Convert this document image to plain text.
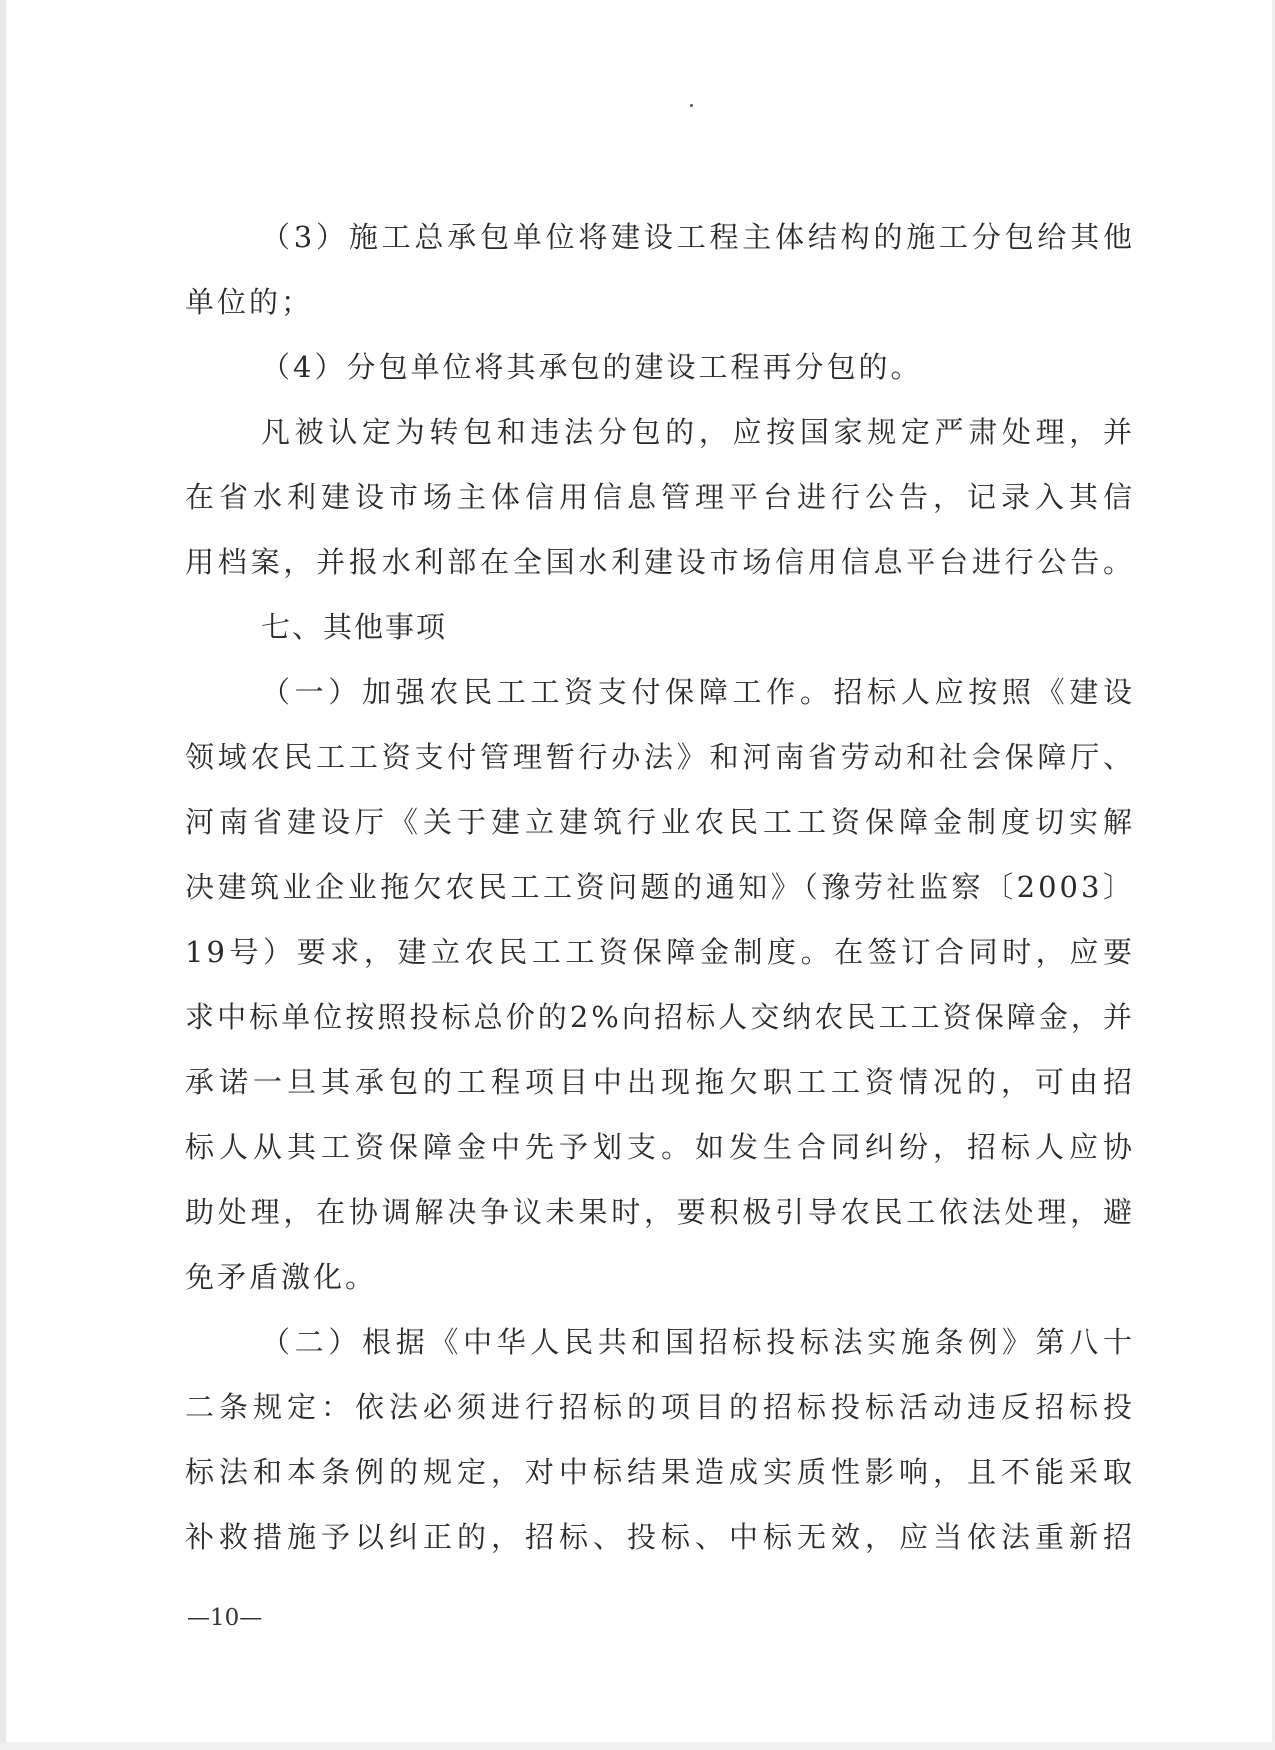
（3）施工总承包单位将建设工程主体结构的施工分包给其他
单位的；
（4）分包单位将其承包的建设工程再分包的。
凡被认定为转包和违法分包的，应按国家规定严肃处理，并
在省水利建设市场主体信用信息管理平台进行公告，记录入其信
用档案，并报水利部在全国水利建设市场信用信息平台进行公告。
七、其他事项
（一）加强农民工工资支付保障工作。招标人应按照《建设
领域农民工工资支付管理暂行办法》和河南省劳动和社会保障厅、
河南省建设厅《关于建立建筑行业农民工工资保障金制度切实解
决建筑业企业拖欠农民工工资问题的通知》（豫劳社监察〔2003〕
19号）要求，建立农民工工资保障金制度。在签订合同时，应要
求中标单位按照投标总价的2%向招标人交纳农民工工资保障金，并
承诺一旦其承包的工程项目中出现拖欠职工工资情况的，可由招
标人从其工资保障金中先予划支。如发生合同纠纷，招标人应协
助处理，在协调解决争议未果时，要积极引导农民工依法处理，避
免矛盾激化。
（二）根据《中华人民共和国招标投标法实施条例》第八十
二条规定：依法必须进行招标的项目的招标投标活动违反招标投
标法和本条例的规定，对中标结果造成实质性影响，且不能采取
补救措施予以纠正的，招标、投标、中标无效，应当依法重新招
—10—
